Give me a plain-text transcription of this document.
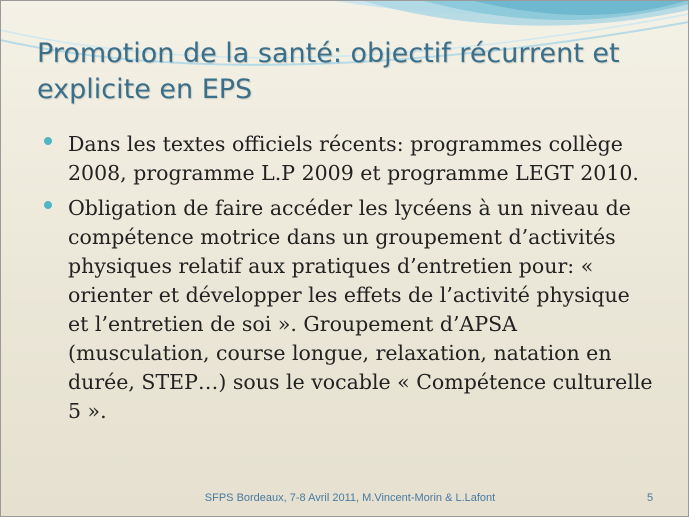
Promotion de la santé: objectif récurrent et explicite en EPS
Dans les textes officiels récents: programmes collège 2008, programme L.P 2009 et programme LEGT 2010.
Obligation de faire accéder les lycéens à un niveau de compétence motrice dans un groupement d’activités physiques relatif aux pratiques d’entretien pour: « orienter et développer les effets de l’activité physique et l’entretien de soi ». Groupement d’APSA (musculation, course longue, relaxation, natation en durée, STEP…) sous le vocable « Compétence culturelle 5 ».
SFPS Bordeaux, 7-8 Avril 2011, M.Vincent-Morin & L.Lafont	5
